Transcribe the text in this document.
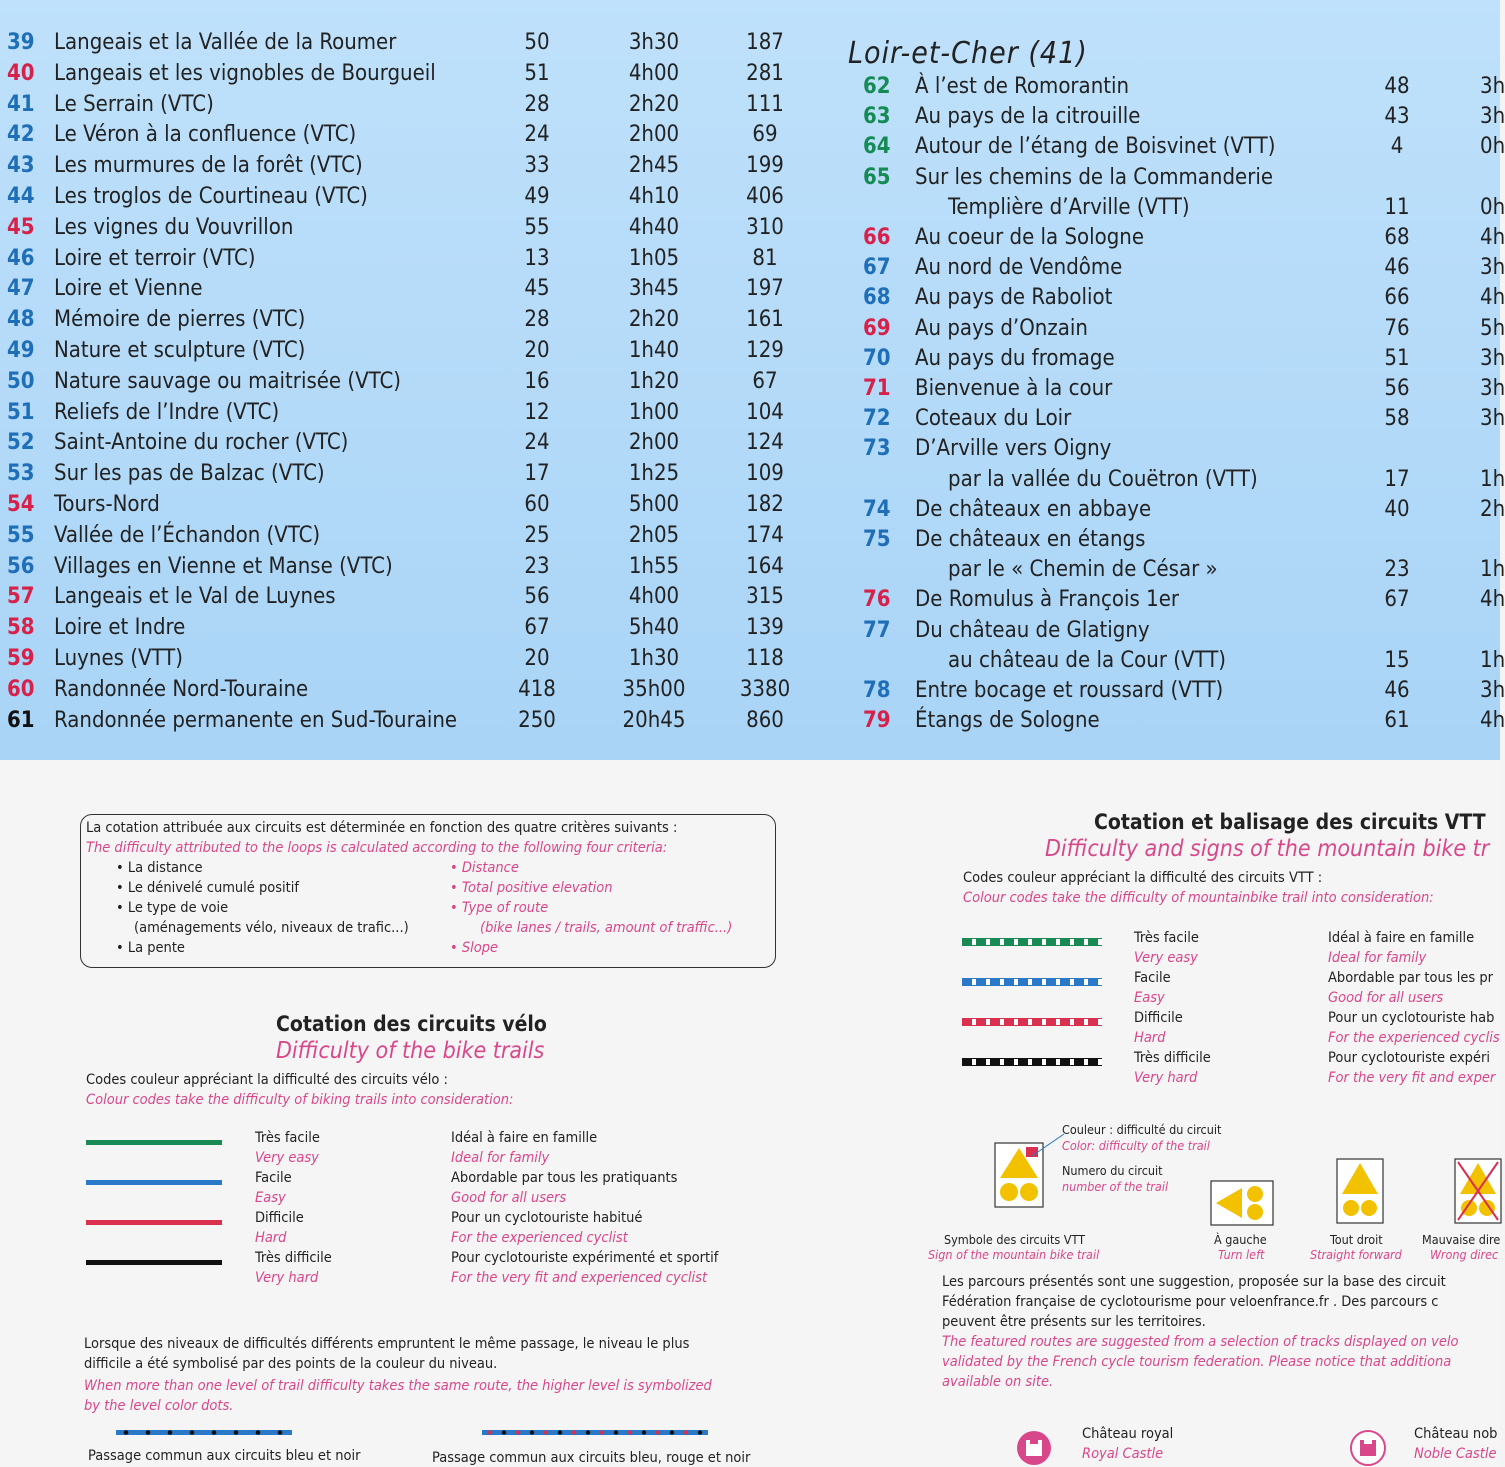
39 Langeais et la Vallée de la Roumer	50	3h30	187
40 Langeais et les vignobles de Bourgueil	51	4h00	281
41 Le Serrain (VTC)	28	2h20	111
42 Le Véron à la confluence (VTC)	24	2h00	69
43 Les murmures de la forêt (VTC)	33	2h45	199
44 Les troglos de Courtineau (VTC)	49	4h10	406
45 Les vignes du Vouvrillon	55	4h40	310
46 Loire et terroir (VTC)	13	1h05	81
47 Loire et Vienne	45	3h45	197
48 Mémoire de pierres (VTC)	28	2h20	161
49 Nature et sculpture (VTC)	20	1h40	129
50 Nature sauvage ou maitrisée (VTC)	16	1h20	67
51 Reliefs de l’Indre (VTC)	12	1h00	104
52 Saint-Antoine du rocher (VTC)	24	2h00	124
53 Sur les pas de Balzac (VTC)	17	1h25	109
54 Tours-Nord	60	5h00	182
55 Vallée de l’Échandon (VTC)	25	2h05	174
56 Villages en Vienne et Manse (VTC)	23	1h55	164
57 Langeais et le Val de Luynes	56	4h00	315
58 Loire et Indre	67	5h40	139
59 Luynes (VTT)	20	1h30	118
60 Randonnée Nord-Touraine	418	35h00	3380
61 Randonnée permanente en Sud-Touraine	250	20h45	860
Loir-et-Cher (41)
62 À l’est de Romorantin	48	3h
63 Au pays de la citrouille	43	3h
64 Autour de l’étang de Boisvinet (VTT)	4	0h
65 Sur les chemins de la Commanderie
Templière d’Arville (VTT)	11	0h
66 Au coeur de la Sologne	68	4h
67 Au nord de Vendôme	46	3h
68 Au pays de Raboliot	66	4h
69 Au pays d’Onzain	76	5h
70 Au pays du fromage	51	3h
71 Bienvenue à la cour	56	3h
72 Coteaux du Loir	58	3h
73 D’Arville vers Oigny
par la vallée du Couëtron (VTT)	17	1h
74 De châteaux en abbaye	40	2h
75 De châteaux en étangs
par le « Chemin de César »	23	1h
76 De Romulus à François 1er	67	4h
77 Du château de Glatigny
au château de la Cour (VTT)	15	1h
78 Entre bocage et roussard (VTT)	46	3h
79 Étangs de Sologne	61	4h
La cotation attribuée aux circuits est déterminée en fonction des quatre critères suivants :
The difficulty attributed to the loops is calculated according to the following four criteria:
• La distance
• Le dénivelé cumulé positif
• Le type de voie
(aménagements vélo, niveaux de trafic...)
• La pente
• Distance
• Total positive elevation
• Type of route
(bike lanes / trails, amount of traffic...)
• Slope
Cotation des circuits vélo
Difficulty of the bike trails
Codes couleur appréciant la difficulté des circuits vélo :
Colour codes take the difficulty of biking trails into consideration:
Très facile
Very easy
Idéal à faire en famille
Ideal for family
Facile
Easy
Abordable par tous les pratiquants
Good for all users
Difficile
Hard
Pour un cyclotouriste habitué
For the experienced cyclist
Très difficile
Very hard
Pour cyclotouriste expérimenté et sportif
For the very fit and experienced cyclist
Lorsque des niveaux de difficultés différents empruntent le même passage, le niveau le plus
difficile a été symbolisé par des points de la couleur du niveau.
When more than one level of trail difficulty takes the same route, the higher level is symbolized
by the level color dots.
Passage commun aux circuits bleu et noir	Passage commun aux circuits bleu, rouge et noir
Cotation et balisage des circuits VTT
Difficulty and signs of the mountain bike tr
Codes couleur appréciant la difficulté des circuits VTT :
Colour codes take the difficulty of mountainbike trail into consideration:
Très facile
Very easy
Idéal à faire en famille
Ideal for family
Facile
Easy
Abordable par tous les pr
Good for all users
Difficile
Hard
Pour un cyclotouriste hab
For the experienced cyclis
Très difficile
Very hard
Pour cyclotouriste expéri
For the very fit and exper
Couleur : difficulté du circuit
Color: difficulty of the trail
Numero du circuit
number of the trail
Symbole des circuits VTT
Sign of the mountain bike trail
À gauche
Turn left
Tout droit
Straight forward
Mauvaise dire
Wrong direc
Les parcours présentés sont une suggestion, proposée sur la base des circuit
Fédération française de cyclotourisme pour veloenfrance.fr . Des parcours c
peuvent être présents sur les territoires.
The featured routes are suggested from a selection of tracks displayed on velo
validated by the French cycle tourism federation. Please notice that additiona
available on site.
Château royal
Royal Castle
Château nob
Noble Castle
